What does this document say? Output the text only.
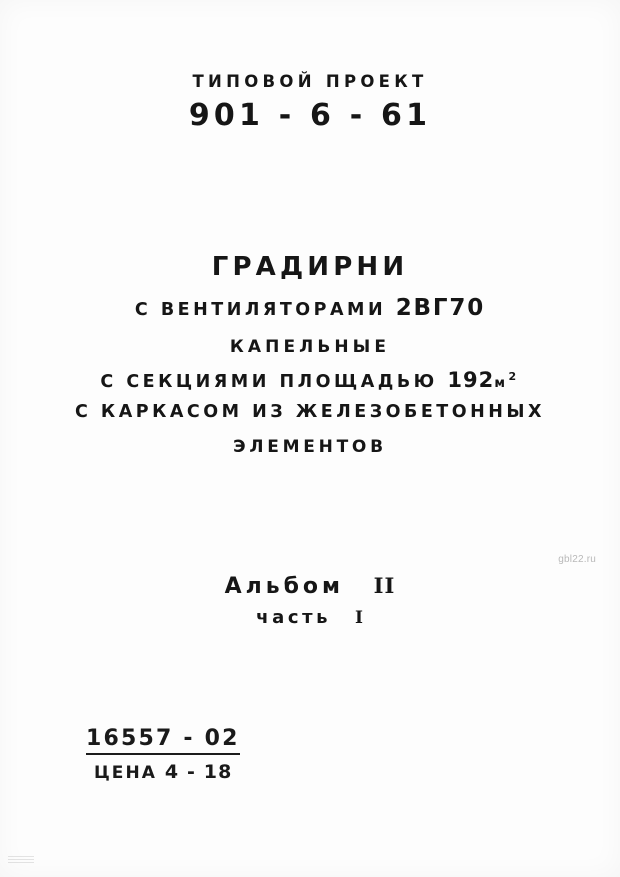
ТИПОВОЙ ПРОЕКТ
901 - 6 - 61
ГРАДИРНИ
С ВЕНТИЛЯТОРАМИ 2ВГ70
КАПЕЛЬНЫЕ
С СЕКЦИЯМИ ПЛОЩАДЬЮ $192м^2$
С КАРКАСОМ ИЗ ЖЕЛЕЗОБЕТОННЫХ
ЭЛЕМЕНТОВ
gbl22.ru
Альбом II
часть I
16557 - 02
ЦЕНА 4 - 18
